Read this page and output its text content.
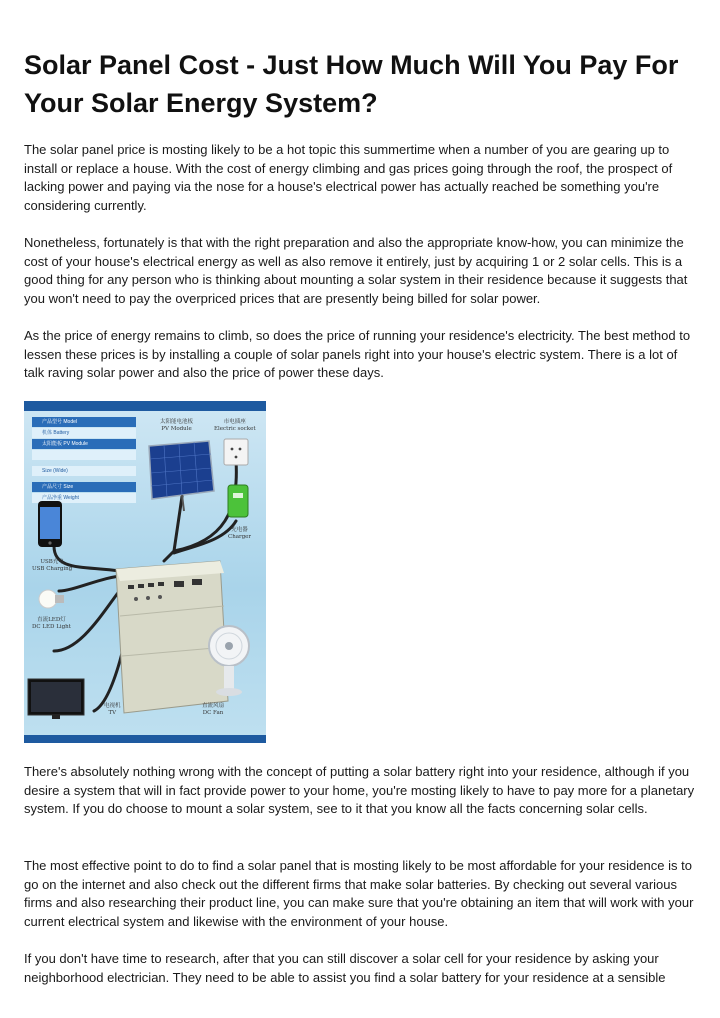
Solar Panel Cost - Just How Much Will You Pay For Your Solar Energy System?

The solar panel price is mosting likely to be a hot topic this summertime when a number of you are gearing up to install or replace a house. With the cost of energy climbing and gas prices going through the roof, the prospect of lacking power and paying via the nose for a house's electrical power has actually reached be something you're considering currently.

Nonetheless, fortunately is that with the right preparation and also the appropriate know-how, you can minimize the cost of your house's electrical energy as well as also remove it entirely, just by acquiring 1 or 2 solar cells. This is a good thing for any person who is thinking about mounting a solar system in their residence because it suggests that you won't need to pay the overpriced prices that are presently being billed for solar power.

As the price of energy remains to climb, so does the price of running your residence's electricity. The best method to lessen these prices is by installing a couple of solar panels right into your house's electric system. There is a lot of talk raving solar power and also the price of power these days.

产品型号 Model
机体 Battery
太阳能板 PV Module
Size (Wide)
产品尺寸 Size
产品净重 Weight
太阳能电池板
PV Module
市电插座
Electric socket
充电器
Charger
USB充电
USB Charging
直流LED灯
DC LED Light
电视机
TV
直流风扇
DC Fan

There's absolutely nothing wrong with the concept of putting a solar battery right into your residence, although if you desire a system that will in fact provide power to your home, you're mosting likely to have to pay more for a planetary system. If you do choose to mount a solar system, see to it that you know all the facts concerning solar cells.

The most effective point to do to find a solar panel that is mosting likely to be most affordable for your residence is to go on the internet and also check out the different firms that make solar batteries. By checking out several various firms and also researching their product line, you can make sure that you're obtaining an item that will work with your current electrical system and likewise with the environment of your house.

If you don't have time to research, after that you can still discover a solar cell for your residence by asking your neighborhood electrician. They need to be able to assist you find a solar battery for your residence at a sensible
